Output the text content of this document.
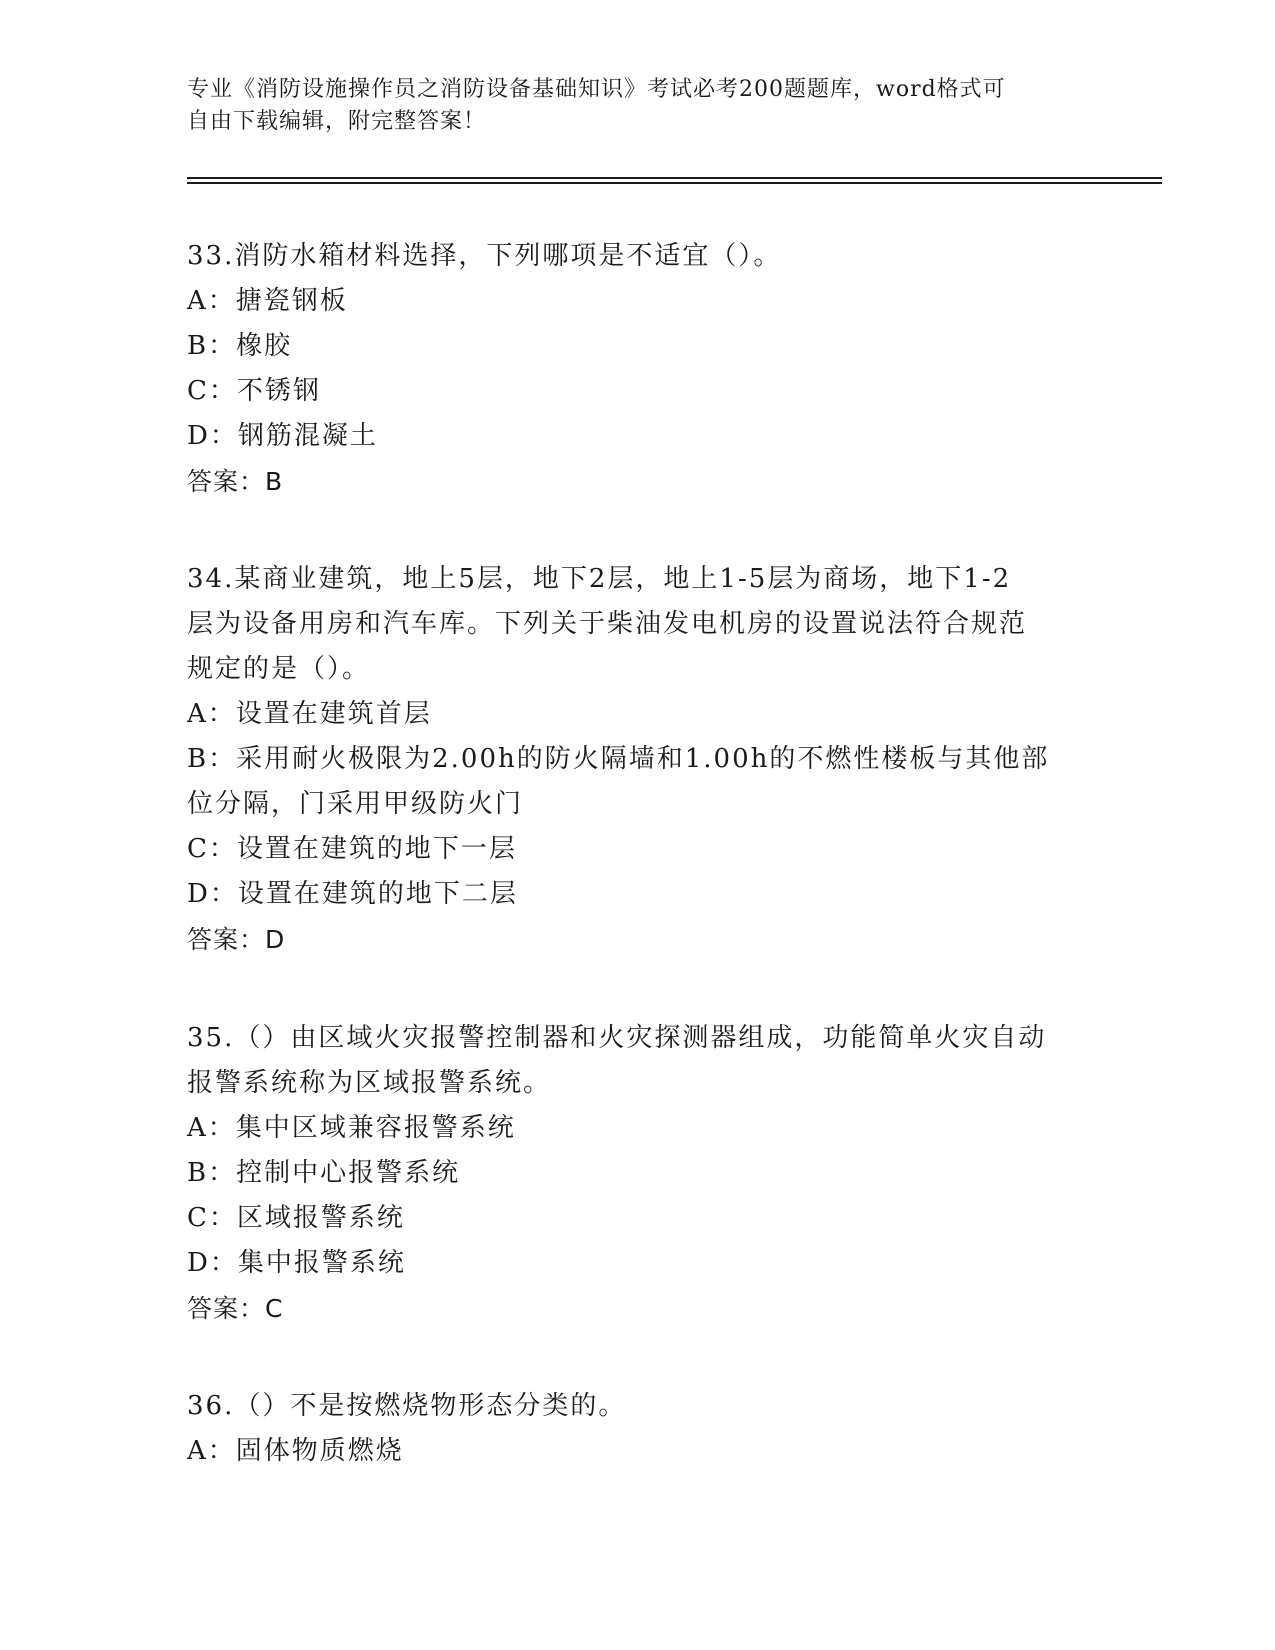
专业《消防设施操作员之消防设备基础知识》考试必考200题题库，word格式可
自由下载编辑，附完整答案！

33.消防水箱材料选择，下列哪项是不适宜（）。

A：搪瓷钢板

B：橡胶

C：不锈钢

D：钢筋混凝土

答案：B

34.某商业建筑，地上5层，地下2层，地上1-5层为商场，地下1-2

层为设备用房和汽车库。下列关于柴油发电机房的设置说法符合规范

规定的是（）。

A：设置在建筑首层

B：采用耐火极限为2.00h的防火隔墙和1.00h的不燃性楼板与其他部

位分隔，门采用甲级防火门

C：设置在建筑的地下一层

D：设置在建筑的地下二层

答案：D

35.（）由区域火灾报警控制器和火灾探测器组成，功能简单火灾自动

报警系统称为区域报警系统。

A：集中区域兼容报警系统

B：控制中心报警系统

C：区域报警系统

D：集中报警系统

答案：C

36.（）不是按燃烧物形态分类的。

A：固体物质燃烧
